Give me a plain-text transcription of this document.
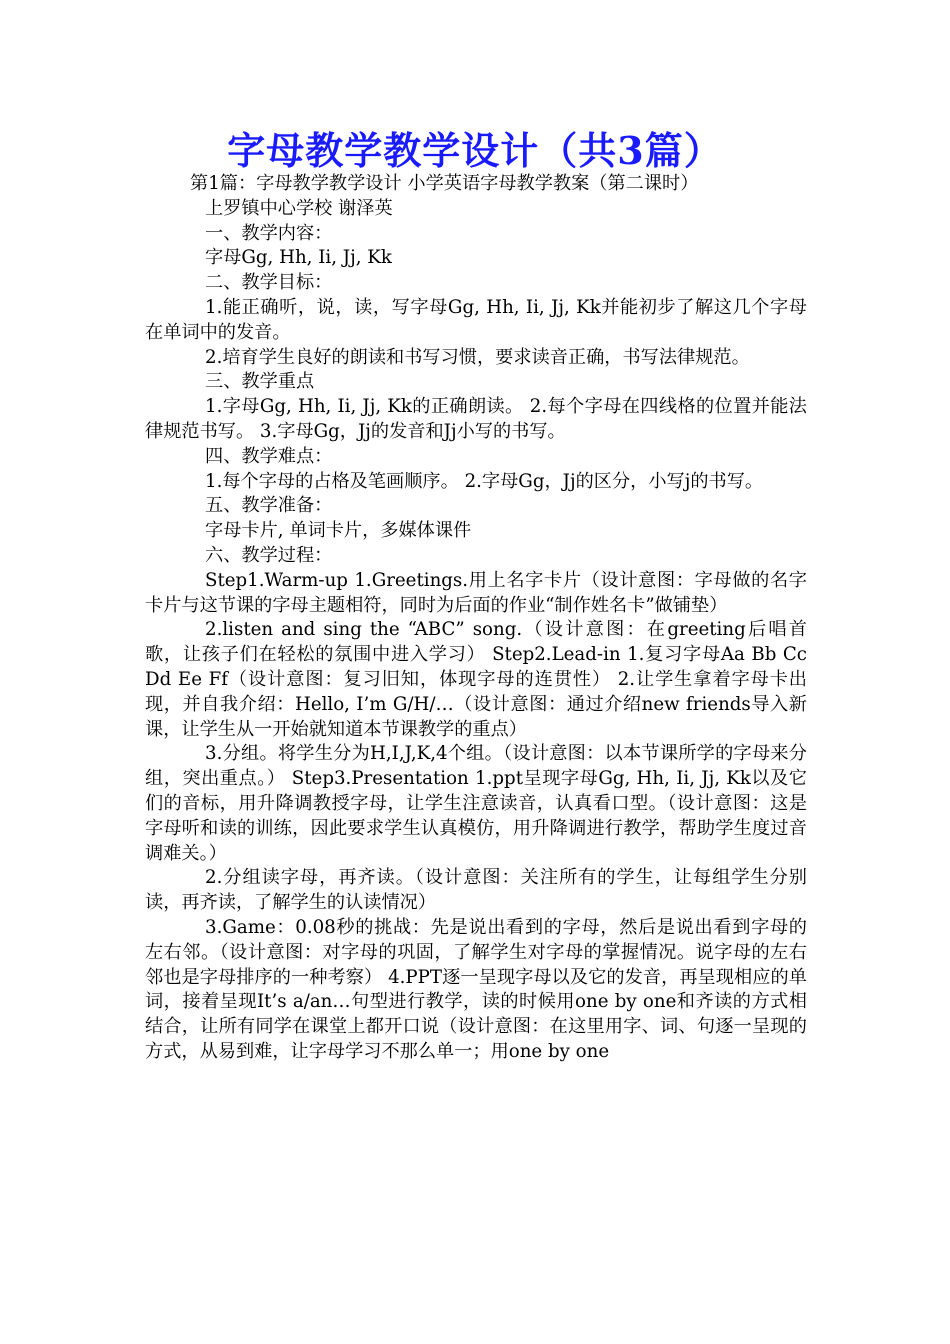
字母教学教学设计（共3篇）

第1篇：字母教学教学设计 小学英语字母教学教案（第二课时）

上罗镇中心学校 谢泽英

一、教学内容：

字母Gg, Hh, Ii, Jj, Kk

二、教学目标：

1.能正确听，说，读，写字母Gg, Hh, Ii, Jj, Kk并能初步了解这几个字母在单词中的发音。

2.培育学生良好的朗读和书写习惯，要求读音正确，书写法律规范。

三、教学重点

1.字母Gg, Hh, Ii, Jj, Kk的正确朗读。 2.每个字母在四线格的位置并能法律规范书写。 3.字母Gg，Jj的发音和Jj小写的书写。

四、教学难点：

1.每个字母的占格及笔画顺序。 2.字母Gg，Jj的区分，小写j的书写。

五、教学准备：

字母卡片, 单词卡片，多媒体课件

六、教学过程：

Step1.Warm-up 1.Greetings.用上名字卡片（设计意图：字母做的名字卡片与这节课的字母主题相符，同时为后面的作业“制作姓名卡”做铺垫）

2.listen and sing the “ABC” song.（设计意图：在greeting后唱首歌，让孩子们在轻松的氛围中进入学习） Step2.Lead-in 1.复习字母Aa Bb Cc Dd Ee Ff（设计意图：复习旧知，体现字母的连贯性） 2.让学生拿着字母卡出现，并自我介绍：Hello, I’m G/H/…（设计意图：通过介绍new friends导入新课，让学生从一开始就知道本节课教学的重点）

3.分组。将学生分为H,I,J,K,4个组。（设计意图：以本节课所学的字母来分组，突出重点。） Step3.Presentation 1.ppt呈现字母Gg, Hh, Ii, Jj, Kk以及它们的音标，用升降调教授字母，让学生注意读音，认真看口型。（设计意图：这是字母听和读的训练，因此要求学生认真模仿，用升降调进行教学，帮助学生度过音调难关。）

2.分组读字母，再齐读。（设计意图：关注所有的学生，让每组学生分别读，再齐读，了解学生的认读情况）

3.Game：0.08秒的挑战：先是说出看到的字母，然后是说出看到字母的左右邻。（设计意图：对字母的巩固，了解学生对字母的掌握情况。说字母的左右邻也是字母排序的一种考察） 4.PPT逐一呈现字母以及它的发音，再呈现相应的单词，接着呈现It’s a/an…句型进行教学，读的时候用one by one和齐读的方式相结合，让所有同学在课堂上都开口说（设计意图：在这里用字、词、句逐一呈现的方式，从易到难，让字母学习不那么单一；用one by one
